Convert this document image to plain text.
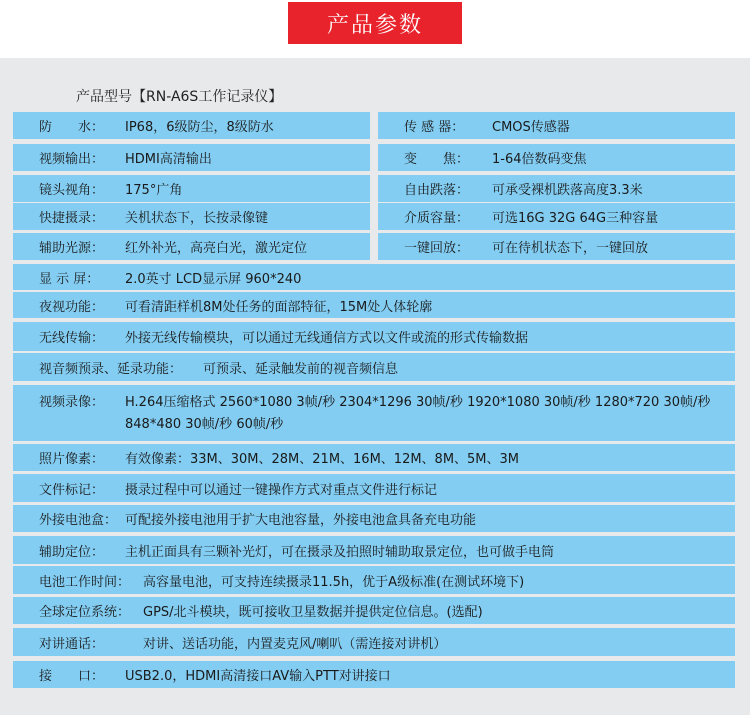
产品参数
产品型号【RN-A6S工作记录仪】
防　　水： IP68，6级防尘，8级防水
视频输出： HDMI高清输出
镜头视角： 175°广角
快捷摄录： 关机状态下，长按录像键
辅助光源： 红外补光，高亮白光，激光定位
传 感 器： CMOS传感器
变　　焦： 1-64倍数码变焦
自由跌落： 可承受裸机跌落高度3.3米
介质容量： 可选16G 32G 64G三种容量
一键回放： 可在待机状态下，一键回放
显 示 屏： 2.0英寸 LCD显示屏 960*240
夜视功能： 可看清距样机8M处任务的面部特征，15M处人体轮廓
无线传输： 外接无线传输模块，可以通过无线通信方式以文件或流的形式传输数据
视音频预录、延录功能： 可预录、延录触发前的视音频信息
视频录像： H.264压缩格式 2560*1080 3帧/秒 2304*1296 30帧/秒 1920*1080 30帧/秒 1280*720 30帧/秒 848*480 30帧/秒 60帧/秒
照片像素： 有效像素：33M、30M、28M、21M、16M、12M、8M、5M、3M
文件标记： 摄录过程中可以通过一键操作方式对重点文件进行标记
外接电池盒： 可配接外接电池用于扩大电池容量，外接电池盒具备充电功能
辅助定位： 主机正面具有三颗补光灯，可在摄录及拍照时辅助取景定位，也可做手电筒
电池工作时间： 高容量电池，可支持连续摄录11.5h，优于A级标准(在测试环境下)
全球定位系统： GPS/北斗模块，既可接收卫星数据并提供定位信息。(选配)
对讲通话：	对讲、送话功能，内置麦克风/喇叭（需连接对讲机）
接　　口： USB2.0，HDMI高清接口AV输入PTT对讲接口
